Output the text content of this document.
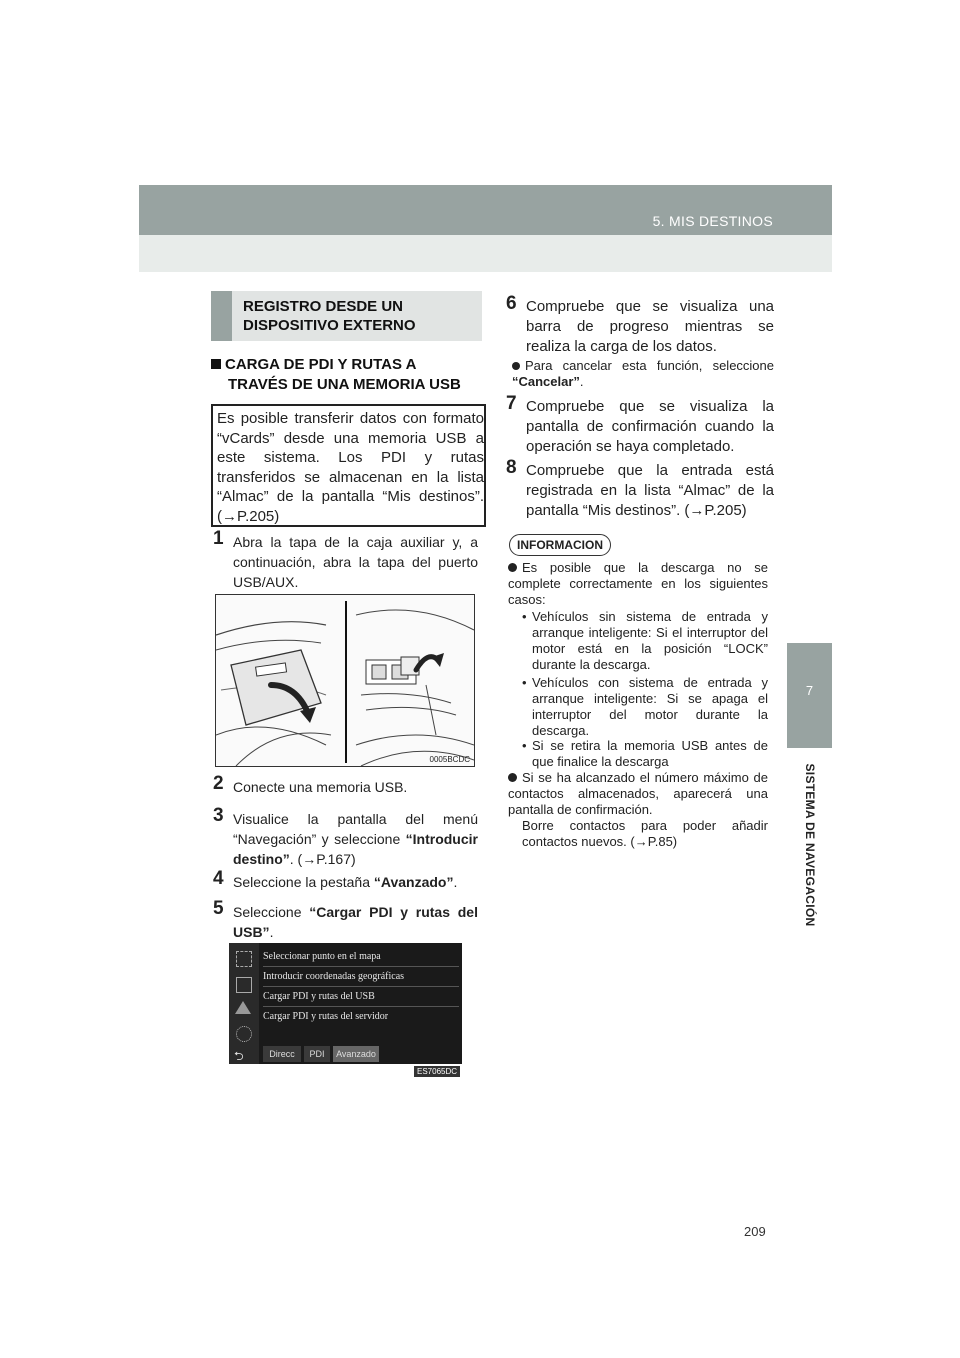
5. MIS DESTINOS
7
SISTEMA DE NAVEGACIÓN
REGISTRO DESDE UN
DISPOSITIVO EXTERNO
CARGA DE PDI Y RUTAS A
TRAVÉS DE UNA MEMORIA USB
Es posible transferir datos con formato “vCards” desde una memoria USB a este sistema. Los PDI y rutas transferidos se almacenan en la lista “Almac” de la pantalla “Mis destinos”. (→P.205)
1 Abra la tapa de la caja auxiliar y, a continuación, abra la tapa del puerto USB/AUX.
0005BCDC
2 Conecte una memoria USB.
3 Visualice la pantalla del menú “Navegación” y seleccione “Introducir destino”. (→P.167)
4 Seleccione la pestaña “Avanzado”.
5 Seleccione “Cargar PDI y rutas del USB”.
⮌
Seleccionar punto en el mapa
Introducir coordenadas geográficas
Cargar PDI y rutas del USB
Cargar PDI y rutas del servidor
Direcc	PDI	Avanzado
ES7065DC
6 Compruebe que se visualiza una barra de progreso mientras se realiza la carga de los datos.
Para cancelar esta función, seleccione “Cancelar”.
7 Compruebe que se visualiza la pantalla de confirmación cuando la operación se haya completado.
8 Compruebe que la entrada está registrada en la lista “Almac” de la pantalla “Mis destinos”. (→P.205)
INFORMACION
Es posible que la descarga no se complete correctamente en los siguientes casos:
• Vehículos sin sistema de entrada y arranque inteligente: Si el interruptor del motor está en la posición “LOCK” durante la descarga.
• Vehículos con sistema de entrada y arranque inteligente: Si se apaga el interruptor del motor durante la descarga.
• Si se retira la memoria USB antes de que finalice la descarga
Si se ha alcanzado el número máximo de contactos almacenados, aparecerá una pantalla de confirmación.
Borre contactos para poder añadir contactos nuevos. (→P.85)
209
